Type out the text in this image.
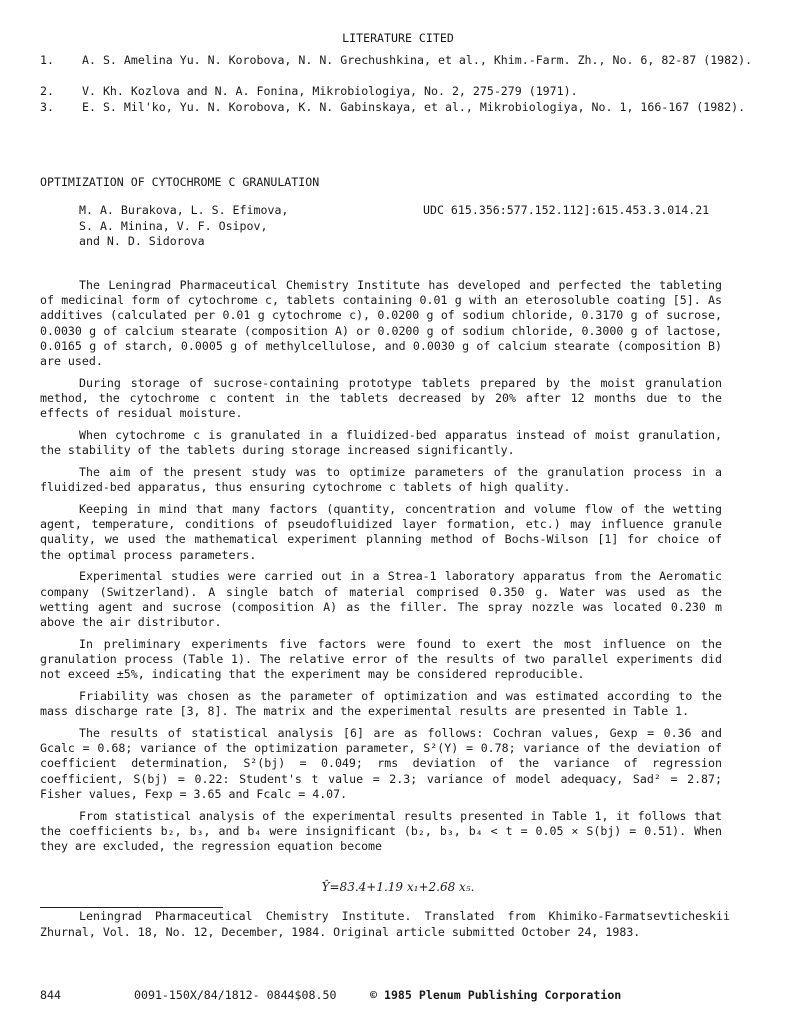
LITERATURE CITED
1. A. S. Amelina Yu. N. Korobova, N. N. Grechushkina, et al., Khim.-Farm. Zh., No. 6, 82-87 (1982).
2. V. Kh. Kozlova and N. A. Fonina, Mikrobiologiya, No. 2, 275-279 (1971).
3. E. S. Mil'ko, Yu. N. Korobova, K. N. Gabinskaya, et al., Mikrobiologiya, No. 1, 166-167 (1982).
OPTIMIZATION OF CYTOCHROME C GRANULATION
M. A. Burakova, L. S. Efimova,
S. A. Minina, V. F. Osipov,
and N. D. Sidorova
UDC 615.356:577.152.112]:615.453.3.014.21

The Leningrad Pharmaceutical Chemistry Institute has developed and perfected the tableting of medicinal form of cytochrome c, tablets containing 0.01 g with an eterosoluble coating [5]. As additives (calculated per 0.01 g cytochrome c), 0.0200 g of sodium chloride, 0.3170 g of sucrose, 0.0030 g of calcium stearate (composition A) or 0.0200 g of sodium chloride, 0.3000 g of lactose, 0.0165 g of starch, 0.0005 g of methylcellulose, and 0.0030 g of calcium stearate (composition B) are used.

During storage of sucrose-containing prototype tablets prepared by the moist granulation method, the cytochrome c content in the tablets decreased by 20% after 12 months due to the effects of residual moisture.

When cytochrome c is granulated in a fluidized-bed apparatus instead of moist granulation, the stability of the tablets during storage increased significantly.

The aim of the present study was to optimize parameters of the granulation process in a fluidized-bed apparatus, thus ensuring cytochrome c tablets of high quality.

Keeping in mind that many factors (quantity, concentration and volume flow of the wetting agent, temperature, conditions of pseudofluidized layer formation, etc.) may influence granule quality, we used the mathematical experiment planning method of Bochs-Wilson [1] for choice of the optimal process parameters.

Experimental studies were carried out in a Strea-1 laboratory apparatus from the Aeromatic company (Switzerland). A single batch of material comprised 0.350 g. Water was used as the wetting agent and sucrose (composition A) as the filler. The spray nozzle was located 0.230 m above the air distributor.

In preliminary experiments five factors were found to exert the most influence on the granulation process (Table 1). The relative error of the results of two parallel experiments did not exceed ±5%, indicating that the experiment may be considered reproducible.

Friability was chosen as the parameter of optimization and was estimated according to the mass discharge rate [3, 8]. The matrix and the experimental results are presented in Table 1.

The results of statistical analysis [6] are as follows: Cochran values, Gexp = 0.36 and Gcalc = 0.68; variance of the optimization parameter, S²(Y) = 0.78; variance of the deviation of coefficient determination, S²(bj) = 0.049; rms deviation of the variance of regression coefficient, S(bj) = 0.22: Student's t value = 2.3; variance of model adequacy, Sad² = 2.87; Fisher values, Fexp = 3.65 and Fcalc = 4.07.

From statistical analysis of the experimental results presented in Table 1, it follows that the coefficients b₂, b₃, and b₄ were insignificant (b₂, b₃, b₄ < t = 0.05 × S(bj) = 0.51). When they are excluded, the regression equation become

Ŷ=83.4+1.19 x₁+2.68 x₅.

Leningrad Pharmaceutical Chemistry Institute. Translated from Khimiko-Farmatsevticheskii Zhurnal, Vol. 18, No. 12, December, 1984. Original article submitted October 24, 1983.

844	0091-150X/84/1812- 0844$08.50	© 1985 Plenum Publishing Corporation
